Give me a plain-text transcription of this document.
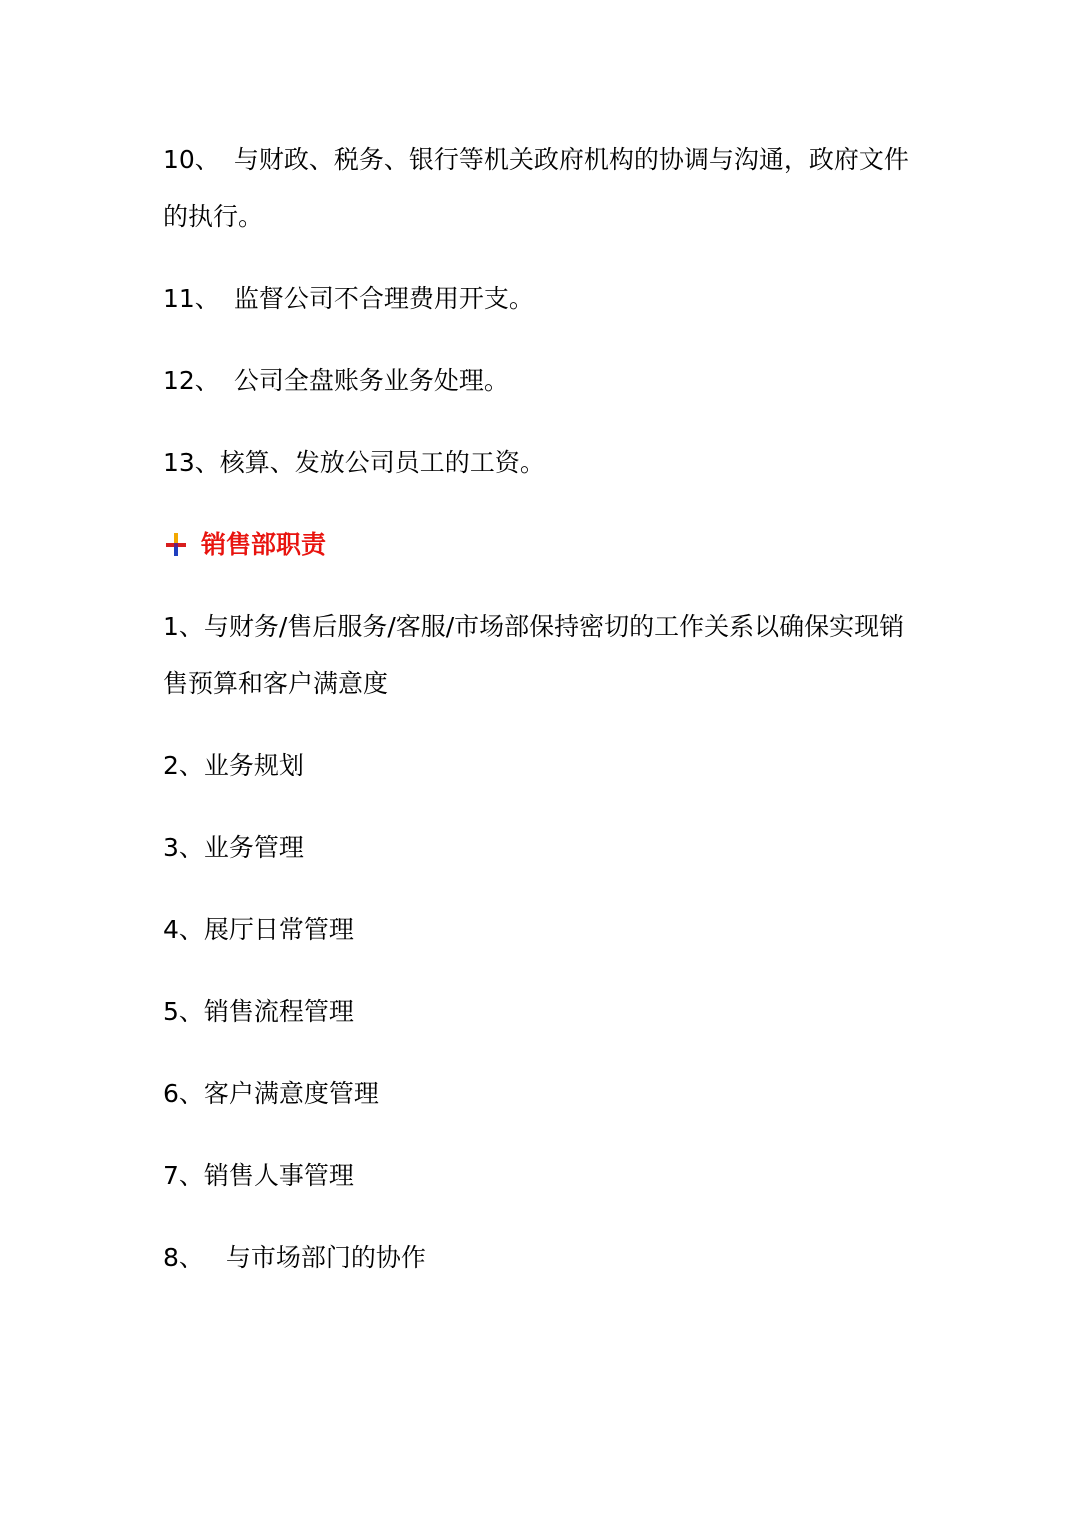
10、 与财政、税务、银行等机关政府机构的协调与沟通，政府文件
的执行。
11、 监督公司不合理费用开支。
12、 公司全盘账务业务处理。
13、核算、发放公司员工的工资。
销售部职责
1、与财务/售后服务/客服/市场部保持密切的工作关系以确保实现销
售预算和客户满意度
2、业务规划
3、业务管理
4、展厅日常管理
5、销售流程管理
6、客户满意度管理
7、销售人事管理
8、 与市场部门的协作
